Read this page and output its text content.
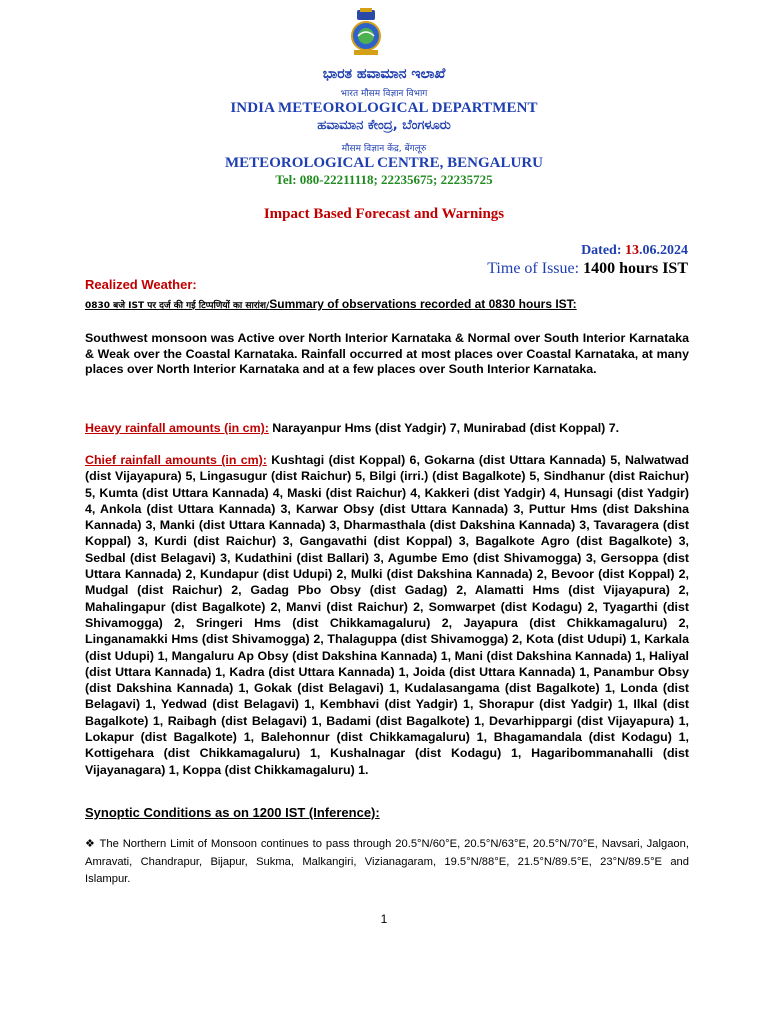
ಭಾರತ ಹವಾಮಾನ ಇಲಾಖೆ
भारत मौसम विज्ञान विभाग
INDIA METEOROLOGICAL DEPARTMENT
ಹವಾಮಾನ ಕೇಂದ್ರ, ಬೆಂಗಳೂರು
मौसम विज्ञान केंद्र, बेंगलूरु
METEOROLOGICAL CENTRE, BENGALURU
Tel: 080-22211118; 22235675; 22235725
Impact Based Forecast and Warnings
Dated: 13.06.2024
Time of Issue: 1400 hours IST
Realized Weather:
0830 बजे IST पर दर्ज की गई टिप्पणियों का सारांश/Summary of observations recorded at 0830 hours IST:

Southwest monsoon was Active over North Interior Karnataka & Normal over South Interior Karnataka & Weak over the Coastal Karnataka. Rainfall occurred at most places over Coastal Karnataka, at many places over North Interior Karnataka and at a few places over South Interior Karnataka.

Heavy rainfall amounts (in cm): Narayanpur Hms (dist Yadgir) 7, Munirabad (dist Koppal) 7.

Chief rainfall amounts (in cm): Kushtagi (dist Koppal) 6, Gokarna (dist Uttara Kannada) 5, Nalwatwad (dist Vijayapura) 5, Lingasugur (dist Raichur) 5, Bilgi (irri.) (dist Bagalkote) 5, Sindhanur (dist Raichur) 5, Kumta (dist Uttara Kannada) 4, Maski (dist Raichur) 4, Kakkeri (dist Yadgir) 4, Hunsagi (dist Yadgir) 4, Ankola (dist Uttara Kannada) 3, Karwar Obsy (dist Uttara Kannada) 3, Puttur Hms (dist Dakshina Kannada) 3, Manki (dist Uttara Kannada) 3, Dharmasthala (dist Dakshina Kannada) 3, Tavaragera (dist Koppal) 3, Kurdi (dist Raichur) 3, Gangavathi (dist Koppal) 3, Bagalkote Agro (dist Bagalkote) 3, Sedbal (dist Belagavi) 3, Kudathini (dist Ballari) 3, Agumbe Emo (dist Shivamogga) 3, Gersoppa (dist Uttara Kannada) 2, Kundapur (dist Udupi) 2, Mulki (dist Dakshina Kannada) 2, Bevoor (dist Koppal) 2, Mudgal (dist Raichur) 2, Gadag Pbo Obsy (dist Gadag) 2, Alamatti Hms (dist Vijayapura) 2, Mahalingapur (dist Bagalkote) 2, Manvi (dist Raichur) 2, Somwarpet (dist Kodagu) 2, Tyagarthi (dist Shivamogga) 2, Sringeri Hms (dist Chikkamagaluru) 2, Jayapura (dist Chikkamagaluru) 2, Linganamakki Hms (dist Shivamogga) 2, Thalaguppa (dist Shivamogga) 2, Kota (dist Udupi) 1, Karkala (dist Udupi) 1, Mangaluru Ap Obsy (dist Dakshina Kannada) 1, Mani (dist Dakshina Kannada) 1, Haliyal (dist Uttara Kannada) 1, Kadra (dist Uttara Kannada) 1, Joida (dist Uttara Kannada) 1, Panambur Obsy (dist Dakshina Kannada) 1, Gokak (dist Belagavi) 1, Kudalasangama (dist Bagalkote) 1, Londa (dist Belagavi) 1, Yedwad (dist Belagavi) 1, Kembhavi (dist Yadgir) 1, Shorapur (dist Yadgir) 1, Ilkal (dist Bagalkote) 1, Raibagh (dist Belagavi) 1, Badami (dist Bagalkote) 1, Devarhippargi (dist Vijayapura) 1, Lokapur (dist Bagalkote) 1, Balehonnur (dist Chikkamagaluru) 1, Bhagamandala (dist Kodagu) 1, Kottigehara (dist Chikkamagaluru) 1, Kushalnagar (dist Kodagu) 1, Hagaribommanahalli (dist Vijayanagara) 1, Koppa (dist Chikkamagaluru) 1.

Synoptic Conditions as on 1200 IST (Inference):

❖ The Northern Limit of Monsoon continues to pass through 20.5°N/60°E, 20.5°N/63°E, 20.5°N/70°E, Navsari, Jalgaon, Amravati, Chandrapur, Bijapur, Sukma, Malkangiri, Vizianagaram, 19.5°N/88°E, 21.5°N/89.5°E, 23°N/89.5°E and Islampur.

1
